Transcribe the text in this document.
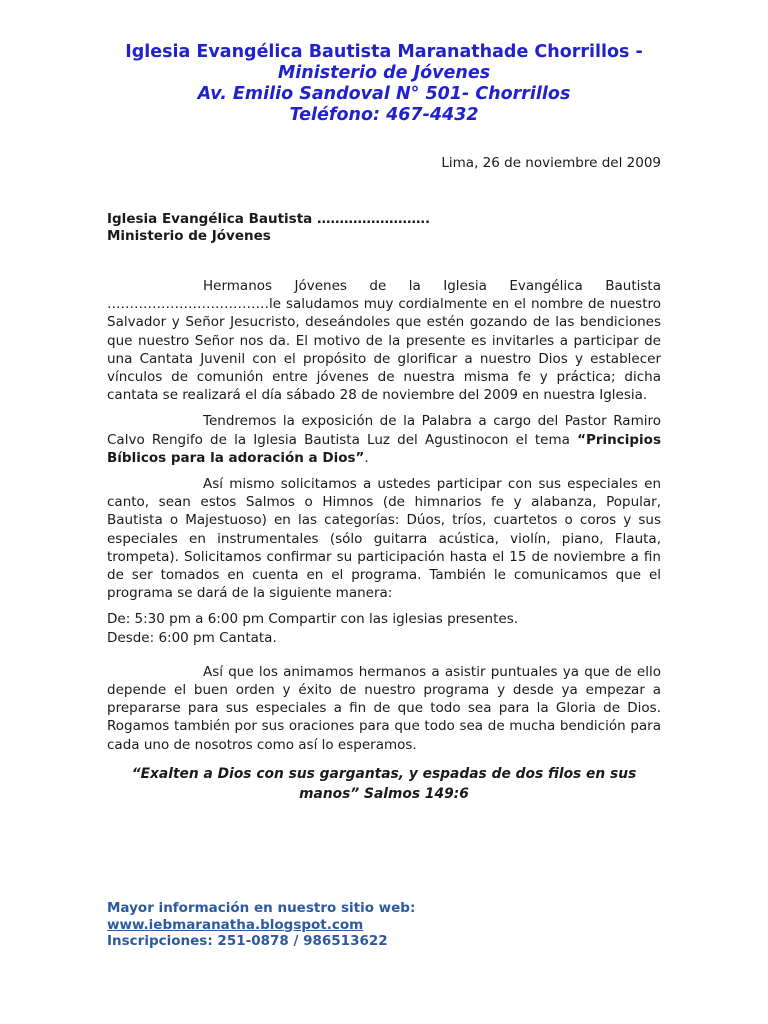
Iglesia Evangélica Bautista Maranathade Chorrillos -
Ministerio de Jóvenes
Av. Emilio Sandoval N° 501- Chorrillos
Teléfono: 467-4432
Lima, 26 de noviembre del 2009
Iglesia Evangélica Bautista …………………….
Ministerio de Jóvenes

Hermanos Jóvenes de la Iglesia Evangélica Bautista ………………………………le saludamos muy cordialmente en el nombre de nuestro Salvador y Señor Jesucristo, deseándoles que estén gozando de las bendiciones que nuestro Señor nos da. El motivo de la presente es invitarles a participar de una Cantata Juvenil con el propósito de glorificar a nuestro Dios y establecer vínculos de comunión entre jóvenes de nuestra misma fe y práctica; dicha cantata se realizará el día sábado 28 de noviembre del 2009 en nuestra Iglesia.

Tendremos la exposición de la Palabra a cargo del Pastor Ramiro Calvo Rengifo de la Iglesia Bautista Luz del Agustinocon el tema “Principios Bíblicos para la adoración a Dios”.

Así mismo solicitamos a ustedes participar con sus especiales en canto, sean estos Salmos o Himnos (de himnarios fe y alabanza, Popular, Bautista o Majestuoso) en las categorías: Dúos, tríos, cuartetos o coros y sus especiales en instrumentales (sólo guitarra acústica, violín, piano, Flauta, trompeta). Solicitamos confirmar su participación hasta el 15 de noviembre a fin de ser tomados en cuenta en el programa. También le comunicamos que el programa se dará de la siguiente manera:

De: 5:30 pm a 6:00 pm Compartir con las iglesias presentes.
Desde: 6:00 pm Cantata.

Así que los animamos hermanos a asistir puntuales ya que de ello depende el buen orden y éxito de nuestro programa y desde ya empezar a prepararse para sus especiales a fin de que todo sea para la Gloria de Dios. Rogamos también por sus oraciones para que todo sea de mucha bendición para cada uno de nosotros como así lo esperamos.

“Exalten a Dios con sus gargantas, y espadas de dos filos en sus manos” Salmos 149:6
Mayor información en nuestro sitio web:
www.iebmaranatha.blogspot.com
Inscripciones: 251-0878 / 986513622
